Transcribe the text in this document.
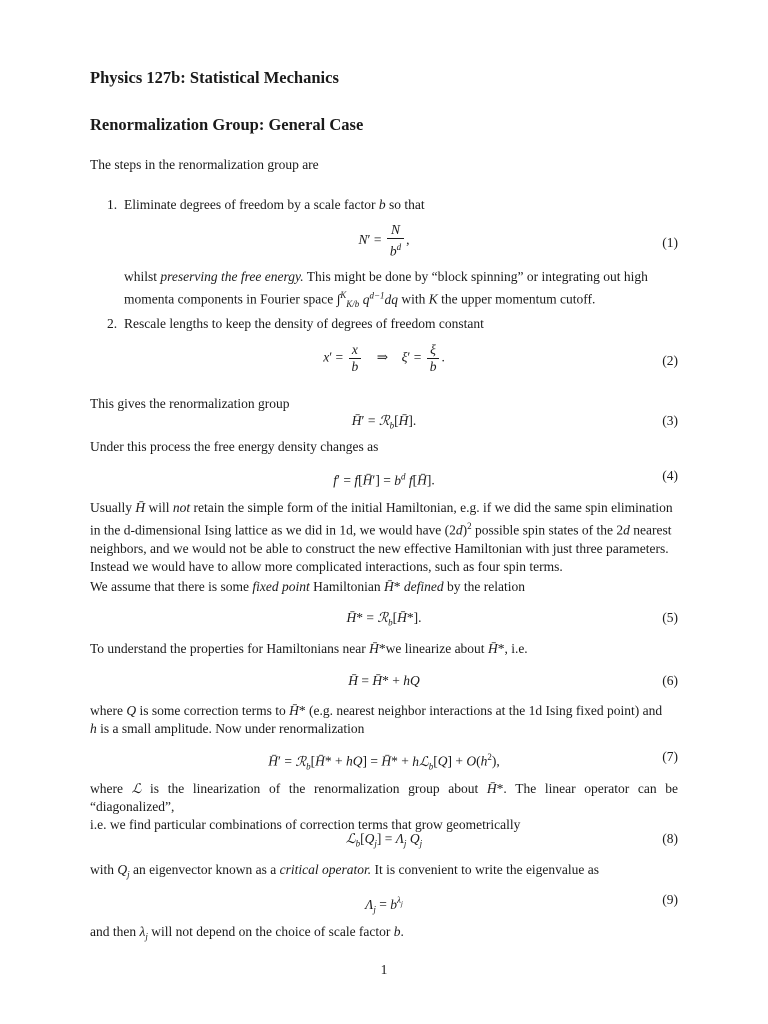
Physics 127b: Statistical Mechanics
Renormalization Group: General Case
The steps in the renormalization group are
1. Eliminate degrees of freedom by a scale factor b so that
$N' = \frac{N}{b^d}$ ,	(1)
whilst preserving the free energy. This might be done by “block spinning” or integrating out high
momenta components in Fourier space ∫$^K_{K/b}$ $q^{d-1}dq$ with K the upper momentum cutoff.
2. Rescale lengths to keep the density of degrees of freedom constant
$x' = \frac{x}{b}$ ⇒    $\xi' = \frac{\xi}{b}$ .	(2)
This gives the renormalization group
H̄′ = ℛ$_b$[H̄].	(3)
Under this process the free energy density changes as
f′ = f[H̄′] = $b^d$ f[H̄].	(4)
Usually H̄ will not retain the simple form of the initial Hamiltonian, e.g. if we did the same spin elimination
in the d-dimensional Ising lattice as we did in 1d, we would have $(2d)^2$ possible spin states of the 2d nearest
neighbors, and we would not be able to construct the new effective Hamiltonian with just three parameters.
Instead we would have to allow more complicated interactions, such as four spin terms.
We assume that there is some fixed point Hamiltonian H̄* defined by the relation
H̄* = ℛ$_b$[H̄*].	(5)
To understand the properties for Hamiltonians near H̄*we linearize about H̄*, i.e.
H̄ = H̄* + hQ	(6)
where Q is some correction terms to H̄* (e.g. nearest neighbor interactions at the 1d Ising fixed point) and
h is a small amplitude. Now under renormalization
H̄′ = ℛ$_b$[H̄* + hQ] = H̄* + hℒ$_b$[Q] + $O(h^2)$,	(7)
where ℒ is the linearization of the renormalization group about H̄*. The linear operator can be “diagonalized”,
i.e. we find particular combinations of correction terms that grow geometrically
$ℒ_b[Q_j] = \Lambda_j$ $Q_j$	(8)
with $Q_j$ an eigenvector known as a critical operator. It is convenient to write the eigenvalue as
$\Lambda_j = b^{\lambda_j}$	(9)
and then $\lambda_j$ will not depend on the choice of scale factor b.
1
